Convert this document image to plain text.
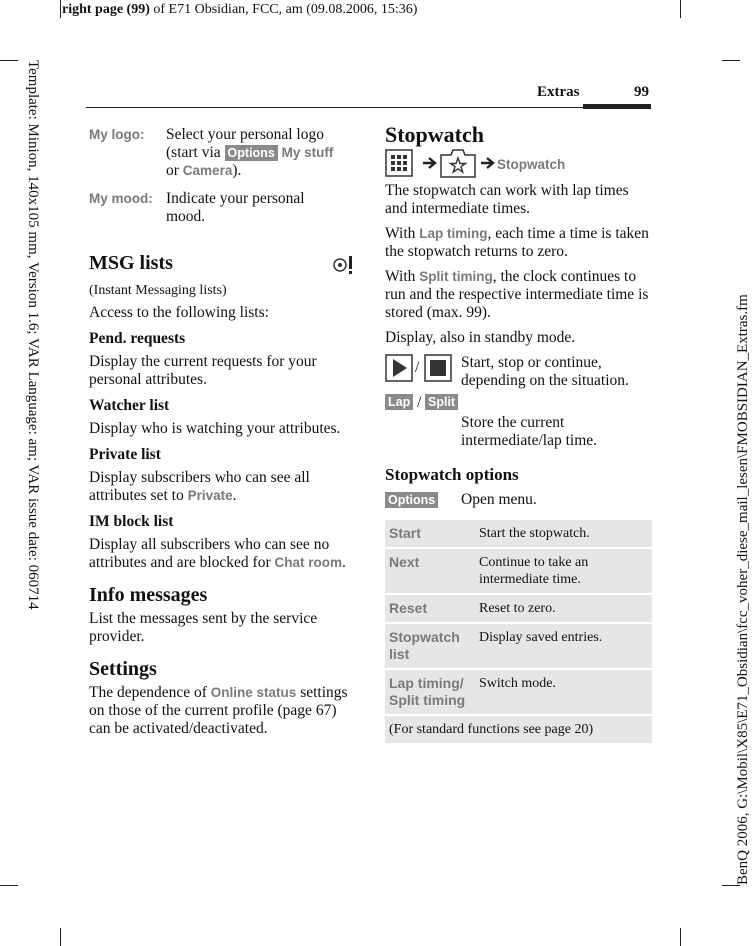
right page (99) of E71 Obsidian, FCC, am (09.08.2006, 15:36)
Template: Minion, 140x105 mm, Version 1.6; VAR Language: am; VAR issue date: 060714	BenQ 2006, G:\Mobil\X85\E71_Obsidian\fcc_voher_diese_mail_lesen\FMOBSIDIAN_Extras.fm
Extras	99
My logo: Select your personal logo
(start via Options My stuff
or Camera).
My mood: Indicate your personal
mood.
MSG lists
(Instant Messaging lists)
Access to the following lists:
Pend. requests
Display the current requests for your personal attributes.
Watcher list
Display who is watching your attributes.
Private list
Display subscribers who can see all attributes set to Private.
IM block list
Display all subscribers who can see no attributes and are blocked for Chat room.
Info messages
List the messages sent by the service provider.
Settings
The dependence of Online status settings on those of the current profile (page 67) can be activated/deactivated.
Stopwatch
Stopwatch
The stopwatch can work with lap times and intermediate times.
With Lap timing, each time a time is taken the stopwatch returns to zero.
With Split timing, the clock continues to run and the respective intermediate time is stored (max. 99).
Display, also in standby mode.
/	Start, stop or continue, depending on the situation.
Lap / Split
Store the current intermediate/lap time.
Stopwatch options
Options Open menu.
Start	Start the stopwatch.
Next	Continue to take an intermediate time.
Reset	Reset to zero.
Stopwatch list	Display saved entries.
Lap timing/ Split timing	Switch mode.
(For standard functions see page 20)	
